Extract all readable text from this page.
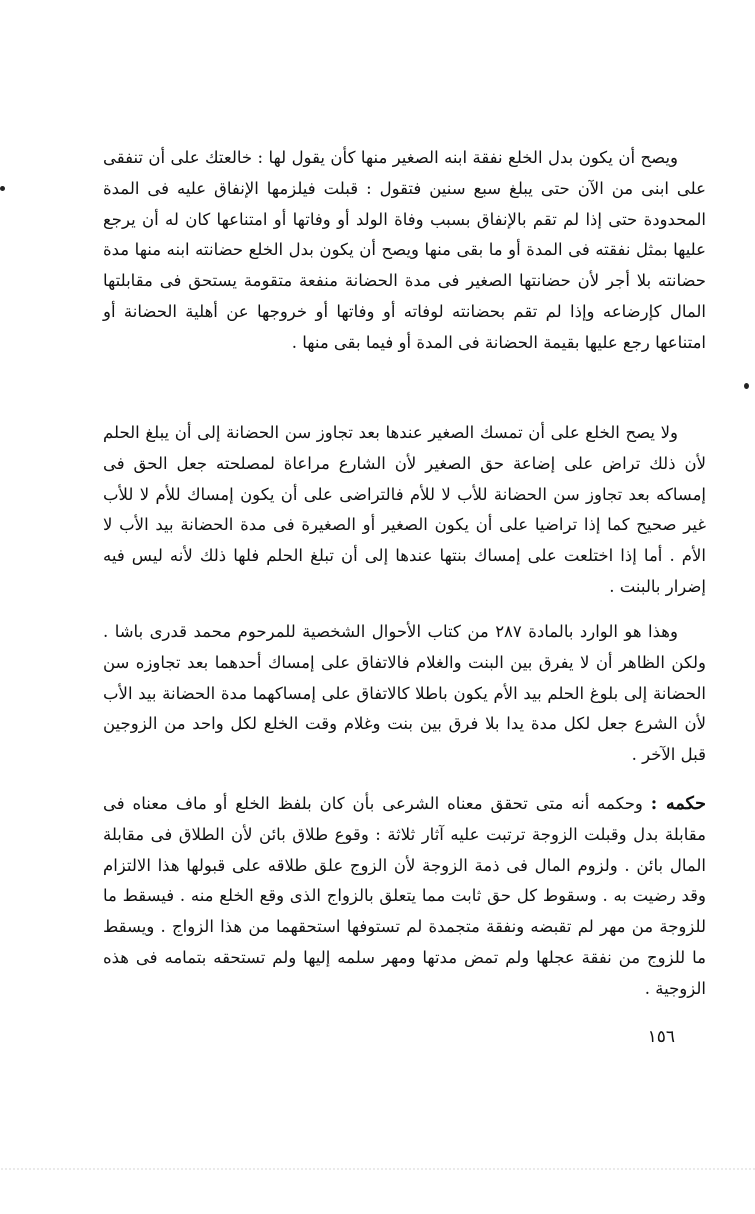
ويصح أن يكون بدل الخلع نفقة ابنه الصغير منها كأن يقول لها : خالعتك على أن تنفقى على ابنى من الآن حتى يبلغ سبع سنين فتقول : قبلت فيلزمها الإنفاق عليه فى المدة المحدودة حتى إذا لم تقم بالإنفاق بسبب وفاة الولد أو وفاتها أو امتناعها كان له أن يرجع عليها بمثل نفقته فى المدة أو ما بقى منها ويصح أن يكون بدل الخلع حضانته ابنه منها مدة حضانته بلا أجر لأن حضانتها الصغير فى مدة الحضانة منفعة متقومة يستحق فى مقابلتها المال كإرضاعه وإذا لم تقم بحضانته لوفاته أو وفاتها أو خروجها عن أهلية الحضانة أو امتناعها رجع عليها بقيمة الحضانة فى المدة أو فيما بقى منها .

ولا يصح الخلع على أن تمسك الصغير عندها بعد تجاوز سن الحضانة إلى أن يبلغ الحلم لأن ذلك تراض على إضاعة حق الصغير لأن الشارع مراعاة لمصلحته جعل الحق فى إمساكه بعد تجاوز سن الحضانة للأب لا للأم فالتراضى على أن يكون إمساك للأم لا للأب غير صحيح كما إذا تراضيا على أن يكون الصغير أو الصغيرة فى مدة الحضانة بيد الأب لا الأم . أما إذا اختلعت على إمساك بنتها عندها إلى أن تبلغ الحلم فلها ذلك لأنه ليس فيه إضرار بالبنت .

وهذا هو الوارد بالمادة ٢٨٧ من كتاب الأحوال الشخصية للمرحوم محمد قدرى باشا . ولكن الظاهر أن لا يفرق بين البنت والغلام فالاتفاق على إمساك أحدهما بعد تجاوزه سن الحضانة إلى بلوغ الحلم بيد الأم يكون باطلا كالاتفاق على إمساكهما مدة الحضانة بيد الأب لأن الشرع جعل لكل مدة يدا بلا فرق بين بنت وغلام وقت الخلع لكل واحد من الزوجين قبل الآخر .

حكمه : وحكمه أنه متى تحقق معناه الشرعى بأن كان بلفظ الخلع أو ماف معناه فى مقابلة بدل وقبلت الزوجة ترتبت عليه آثار ثلاثة : وقوع طلاق بائن لأن الطلاق فى مقابلة المال بائن . ولزوم المال فى ذمة الزوجة لأن الزوج علق طلاقه على قبولها هذا الالتزام وقد رضيت به . وسقوط كل حق ثابت مما يتعلق بالزواج الذى وقع الخلع منه . فيسقط ما للزوجة من مهر لم تقبضه ونفقة متجمدة لم تستوفها استحقهما من هذا الزواج . ويسقط ما للزوج من نفقة عجلها ولم تمض مدتها ومهر سلمه إليها ولم تستحقه بتمامه فى هذه الزوجية .

١٥٦
